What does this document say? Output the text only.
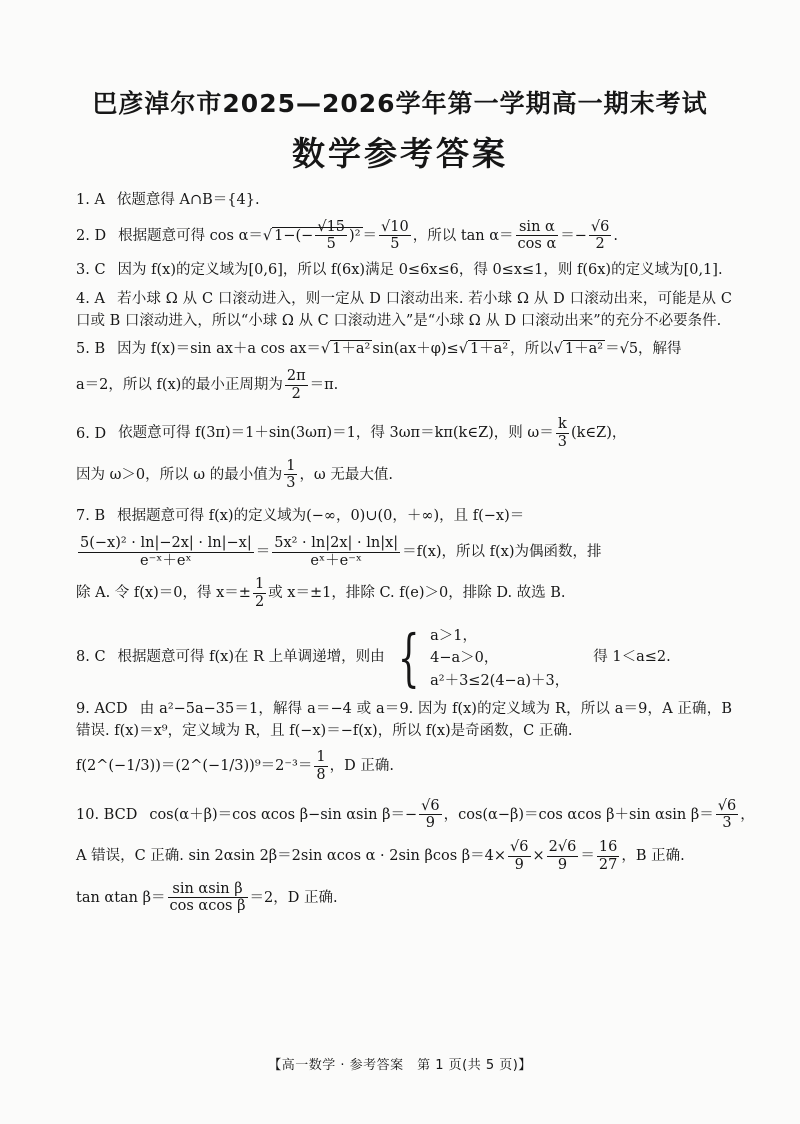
巴彦淖尔市2025—2026学年第一学期高一期末考试
数学参考答案
1. A 依题意得 A∩B＝{4}.
2. D 根据题意可得 cos α＝√ $1-(- \frac{√15}{5} )^2 = \frac{√10}{5}$ ，所以 $\tan \alpha= \frac{\text{sin α}}{\text{cos α}} =- \frac{√6}{2}$ .
3. C 因为 f(x)的定义域为[0,6]，所以 f(6x)满足 0≤6x≤6，得 0≤x≤1，则 f(6x)的定义域为[0,1].
4. A 若小球 Ω 从 C 口滚动进入，则一定从 D 口滚动出来. 若小球 Ω 从 D 口滚动出来，可能是从 C 口或 B 口滚动进入，所以“小球 Ω 从 C 口滚动进入”是“小球 Ω 从 D 口滚动出来”的充分不必要条件.
5. B 因为 f(x)＝sin ax＋a cos ax＝√ 1＋a² sin(ax＋φ)≤√ 1＋a² ，所以√ 1＋a² ＝√5，解得
a＝2，所以 f(x)的最小正周期为 $\frac{2\pi}{2} =\pi$.
6. D 依题意可得 f(3π)＝1＋sin(3ωπ)＝1，得 3ωπ＝kπ(k∈Z)，则 $\omega= \frac{k}{3}$ (k∈Z)，
因为 ω＞0，所以 ω 的最小值为 $\frac{1}{3}$ ，ω 无最大值.
7. B 根据题意可得 f(x)的定义域为(−∞，0)∪(0，＋∞)，且 f(−x)＝
$\frac{\text{5(−x)² · ln|−2x| · ln|−x|}}{\text{e⁻ˣ＋eˣ}} = \frac{\text{5x² · ln|2x| · ln|x|}}{\text{eˣ＋e⁻ˣ}} =f(x)$，所以 f(x)为偶函数，排
除 A. 令 f(x)＝0，得 $x=\pm \frac{1}{2}$ 或 x＝±1，排除 C. f(e)＞0，排除 D. 故选 B.
8. C 根据题意可得 f(x)在 R 上单调递增，则由 { a＞1，
4−a＞0，
a²＋3≤2(4−a)＋3，
得 1＜a≤2.
9. ACD 由 a²−5a−35＝1，解得 a＝−4 或 a＝9. 因为 f(x)的定义域为 R，所以 a＝9，A 正确，B 错误. f(x)＝x⁹，定义域为 R，且 f(−x)＝−f(x)，所以 f(x)是奇函数，C 正确.
f(2^(−1/3))＝(2^(−1/3))⁹＝2⁻³＝ $\frac{1}{8}$ ，D 正确.
10. BCD cos(α＋β)＝cos αcos β−sin αsin $\beta=- \frac{√6}{9}$ ，cos(α−β)＝cos αcos β＋sin αsin $\beta= \frac{√6}{3}$ ，
A 错误，C 正确. sin 2αsin 2β＝2sin αcos α · 2sin βcos $\beta=4\times \frac{√6}{9} \times \frac{2√6}{9} = \frac{16}{27}$ ，B 正确.
tan αtan $\beta= \frac{\text{sin αsin β}}{\text{cos αcos β}} =2$，D 正确.
【高一数学 · 参考答案　第 1 页(共 5 页)】
